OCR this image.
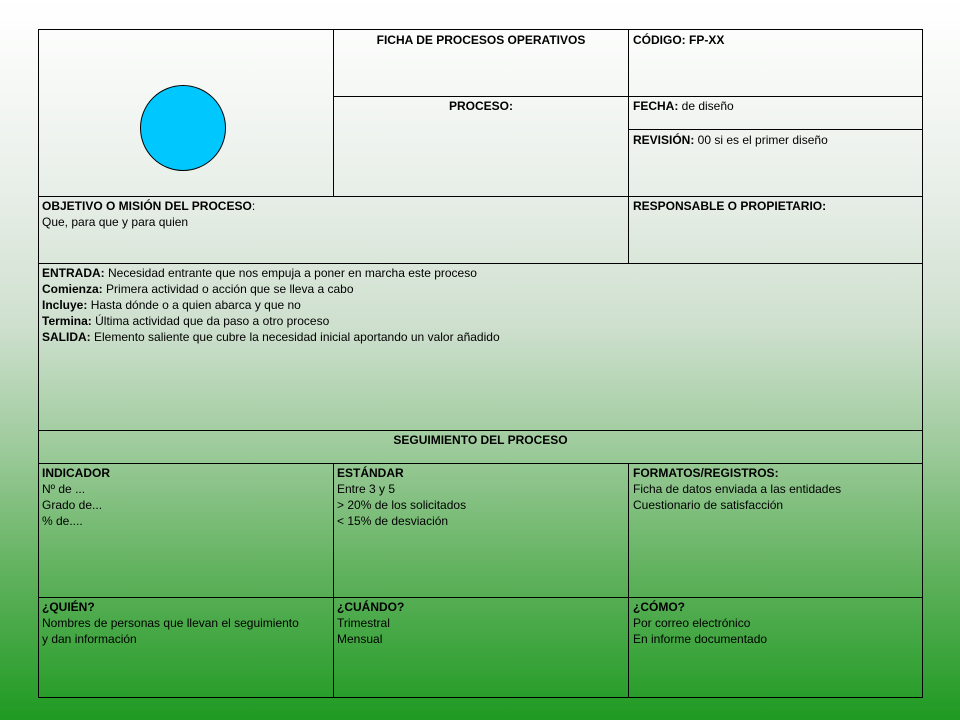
FICHA DE PROCESOS OPERATIVOS	CÓDIGO: FP-XX
PROCESO:	FECHA: de diseño
REVISIÓN: 00 si es el primer diseño
OBJETIVO O MISIÓN DEL PROCESO:
Que, para que y para quien
RESPONSABLE O PROPIETARIO:
ENTRADA: Necesidad entrante que nos empuja a poner en marcha este proceso
Comienza: Primera actividad o acción que se lleva a cabo
Incluye: Hasta dónde o a quien abarca y que no
Termina: Última actividad que da paso a otro proceso
SALIDA: Elemento saliente que cubre la necesidad inicial aportando un valor añadido
SEGUIMIENTO DEL PROCESO
INDICADOR
Nº de ...
Grado de...
% de....
ESTÁNDAR
Entre 3 y 5
> 20% de los solicitados
< 15% de desviación
FORMATOS/REGISTROS:
Ficha de datos enviada a las entidades
Cuestionario de satisfacción
¿QUIÉN?
Nombres de personas que llevan el seguimiento
y dan información
¿CUÁNDO?
Trimestral
Mensual
¿CÓMO?
Por correo electrónico
En informe documentado
